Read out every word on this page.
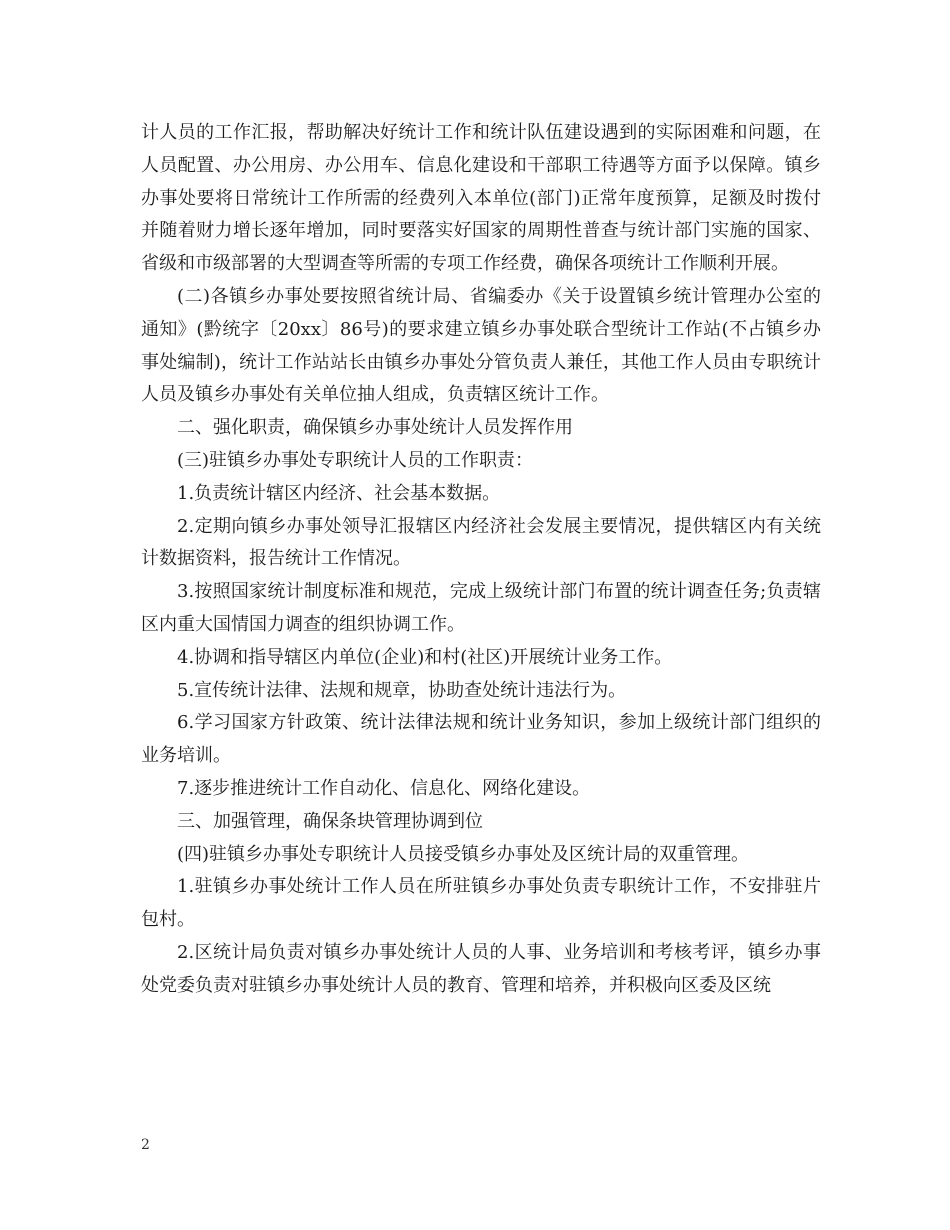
计人员的工作汇报，帮助解决好统计工作和统计队伍建设遇到的实际困难和问题，在人员配置、办公用房、办公用车、信息化建设和干部职工待遇等方面予以保障。镇乡办事处要将日常统计工作所需的经费列入本单位(部门)正常年度预算，足额及时拨付并随着财力增长逐年增加，同时要落实好国家的周期性普查与统计部门实施的国家、省级和市级部署的大型调查等所需的专项工作经费，确保各项统计工作顺利开展。

(二)各镇乡办事处要按照省统计局、省编委办《关于设置镇乡统计管理办公室的通知》(黔统字〔20xx〕86号)的要求建立镇乡办事处联合型统计工作站(不占镇乡办事处编制)，统计工作站站长由镇乡办事处分管负责人兼任，其他工作人员由专职统计人员及镇乡办事处有关单位抽人组成，负责辖区统计工作。

二、强化职责，确保镇乡办事处统计人员发挥作用

(三)驻镇乡办事处专职统计人员的工作职责：

1.负责统计辖区内经济、社会基本数据。

2.定期向镇乡办事处领导汇报辖区内经济社会发展主要情况，提供辖区内有关统计数据资料，报告统计工作情况。

3.按照国家统计制度标准和规范，完成上级统计部门布置的统计调查任务;负责辖区内重大国情国力调查的组织协调工作。

4.协调和指导辖区内单位(企业)和村(社区)开展统计业务工作。

5.宣传统计法律、法规和规章，协助查处统计违法行为。

6.学习国家方针政策、统计法律法规和统计业务知识，参加上级统计部门组织的业务培训。

7.逐步推进统计工作自动化、信息化、网络化建设。

三、加强管理，确保条块管理协调到位

(四)驻镇乡办事处专职统计人员接受镇乡办事处及区统计局的双重管理。

1.驻镇乡办事处统计工作人员在所驻镇乡办事处负责专职统计工作，不安排驻片包村。

2.区统计局负责对镇乡办事处统计人员的人事、业务培训和考核考评，镇乡办事处党委负责对驻镇乡办事处统计人员的教育、管理和培养，并积极向区委及区统

2
